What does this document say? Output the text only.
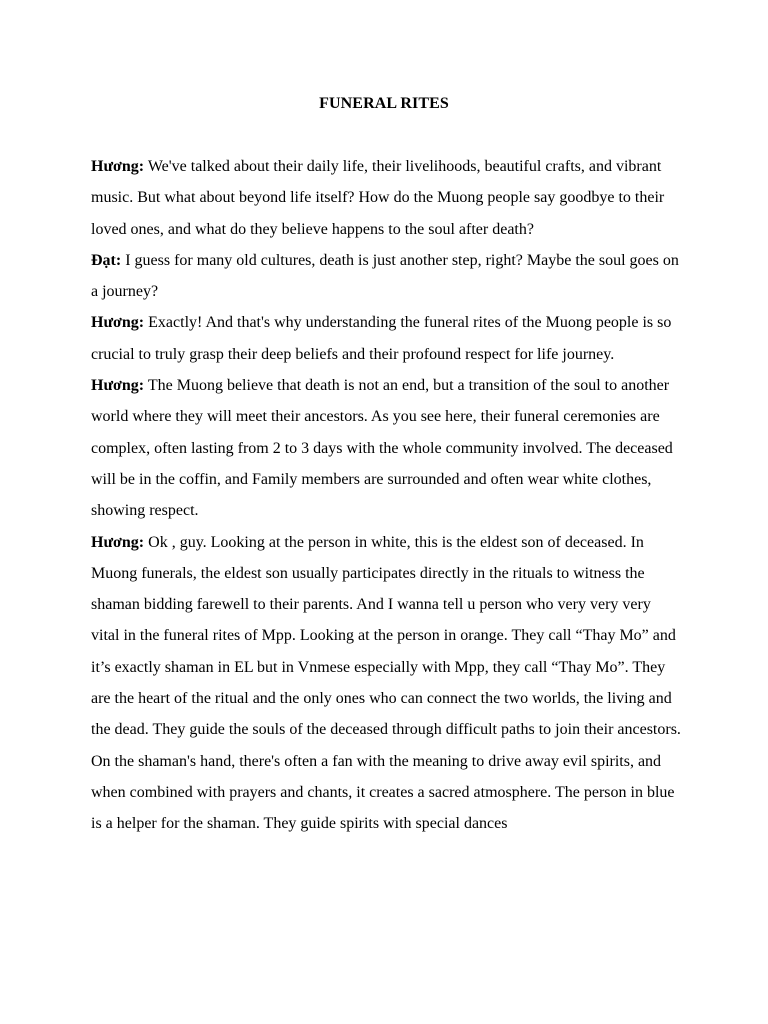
FUNERAL RITES

Hương: We've talked about their daily life, their livelihoods, beautiful crafts, and vibrant music. But what about beyond life itself? How do the Muong people say goodbye to their loved ones, and what do they believe happens to the soul after death?

Đạt: I guess for many old cultures, death is just another step, right? Maybe the soul goes on a journey?

Hương: Exactly! And that's why understanding the funeral rites of the Muong people is so crucial to truly grasp their deep beliefs and their profound respect for life journey.

Hương: The Muong believe that death is not an end, but a transition of the soul to another world where they will meet their ancestors. As you see here, their funeral ceremonies are complex, often lasting from 2 to 3 days with the whole community involved. The deceased will be in the coffin, and Family members are surrounded and often wear white clothes, showing respect.

Hương: Ok , guy. Looking at the person in white, this is the eldest son of deceased. In Muong funerals, the eldest son usually participates directly in the rituals to witness the shaman bidding farewell to their parents. And I wanna tell u person who very very very vital in the funeral rites of Mpp. Looking at the person in orange. They call “Thay Mo” and it’s exactly shaman in EL but in Vnmese especially with Mpp, they call “Thay Mo”. They are the heart of the ritual and the only ones who can connect the two worlds, the living and the dead. They guide the souls of the deceased through difficult paths to join their ancestors. On the shaman's hand, there's often a fan with the meaning to drive away evil spirits, and when combined with prayers and chants, it creates a sacred atmosphere. The person in blue is a helper for the shaman. They guide spirits with special dances
